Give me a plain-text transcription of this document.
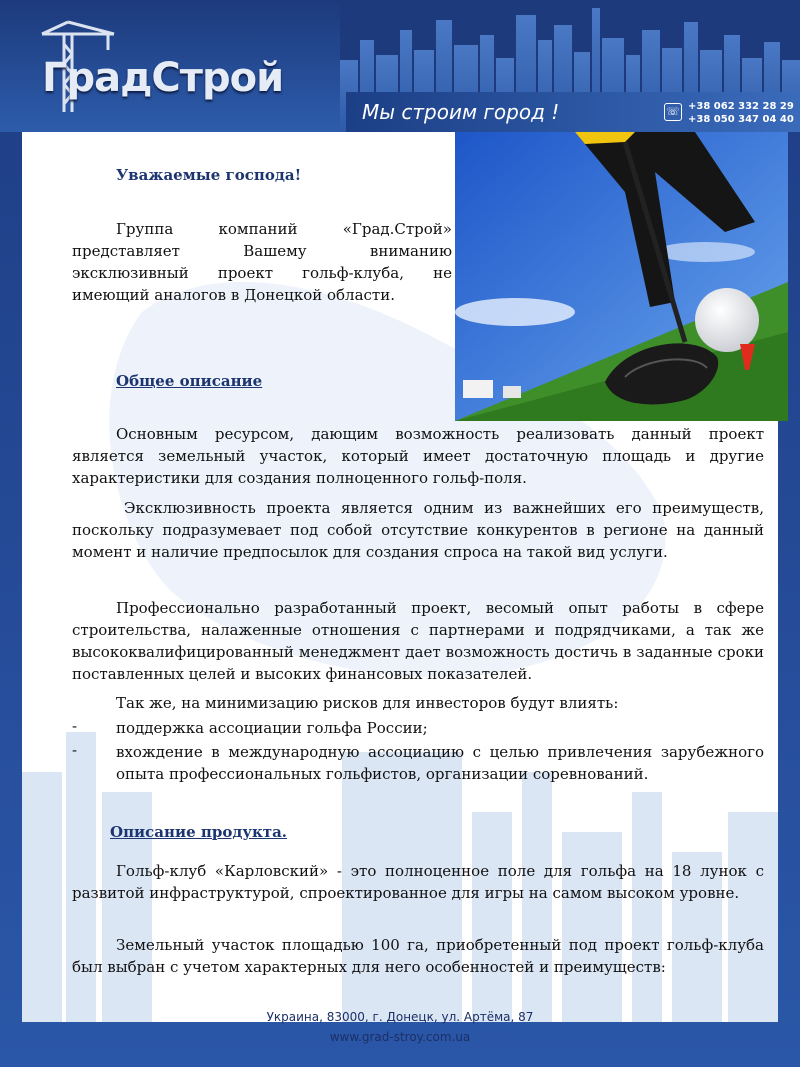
ГрадСтрой
Мы строим город !	☏ +38 062 332 28 29
+38 050 347 04 40
Уважаемые господа!
Группа компаний «Град.Строй» представляет Вашему вниманию эксклюзивный проект гольф-клуба, не имеющий аналогов в Донецкой области.
Общее описание
Основным ресурсом, дающим возможность реализовать данный проект является земельный участок, который имеет достаточную площадь и другие характеристики для создания полноценного гольф-поля.
Эксклюзивность проекта является одним из важнейших его преимуществ, поскольку подразумевает под собой отсутствие конкурентов в регионе на данный момент и наличие предпосылок для создания спроса на такой вид услуги.
Профессионально разработанный проект, весомый опыт работы в сфере строительства, налаженные отношения с партнерами и подрядчиками, а так же высококвалифицированный менеджмент дает возможность достичь в заданные сроки поставленных целей и высоких финансовых показателей.
Так же, на минимизацию рисков для инвесторов будут влиять:
-	поддержка ассоциации гольфа России;
-	вхождение в международную ассоциацию с целью привлечения зарубежного опыта профессиональных гольфистов, организации соревнований.
Описание продукта.
Гольф-клуб «Карловский» - это полноценное поле для гольфа на 18 лунок с развитой инфраструктурой, спроектированное для игры на самом высоком уровне.
Земельный участок площадью 100 га, приобретенный под проект гольф-клуба был выбран с учетом характерных для него особенностей и преимуществ:
Украина, 83000, г. Донецк, ул. Артёма, 87
www.grad-stroy.com.ua
